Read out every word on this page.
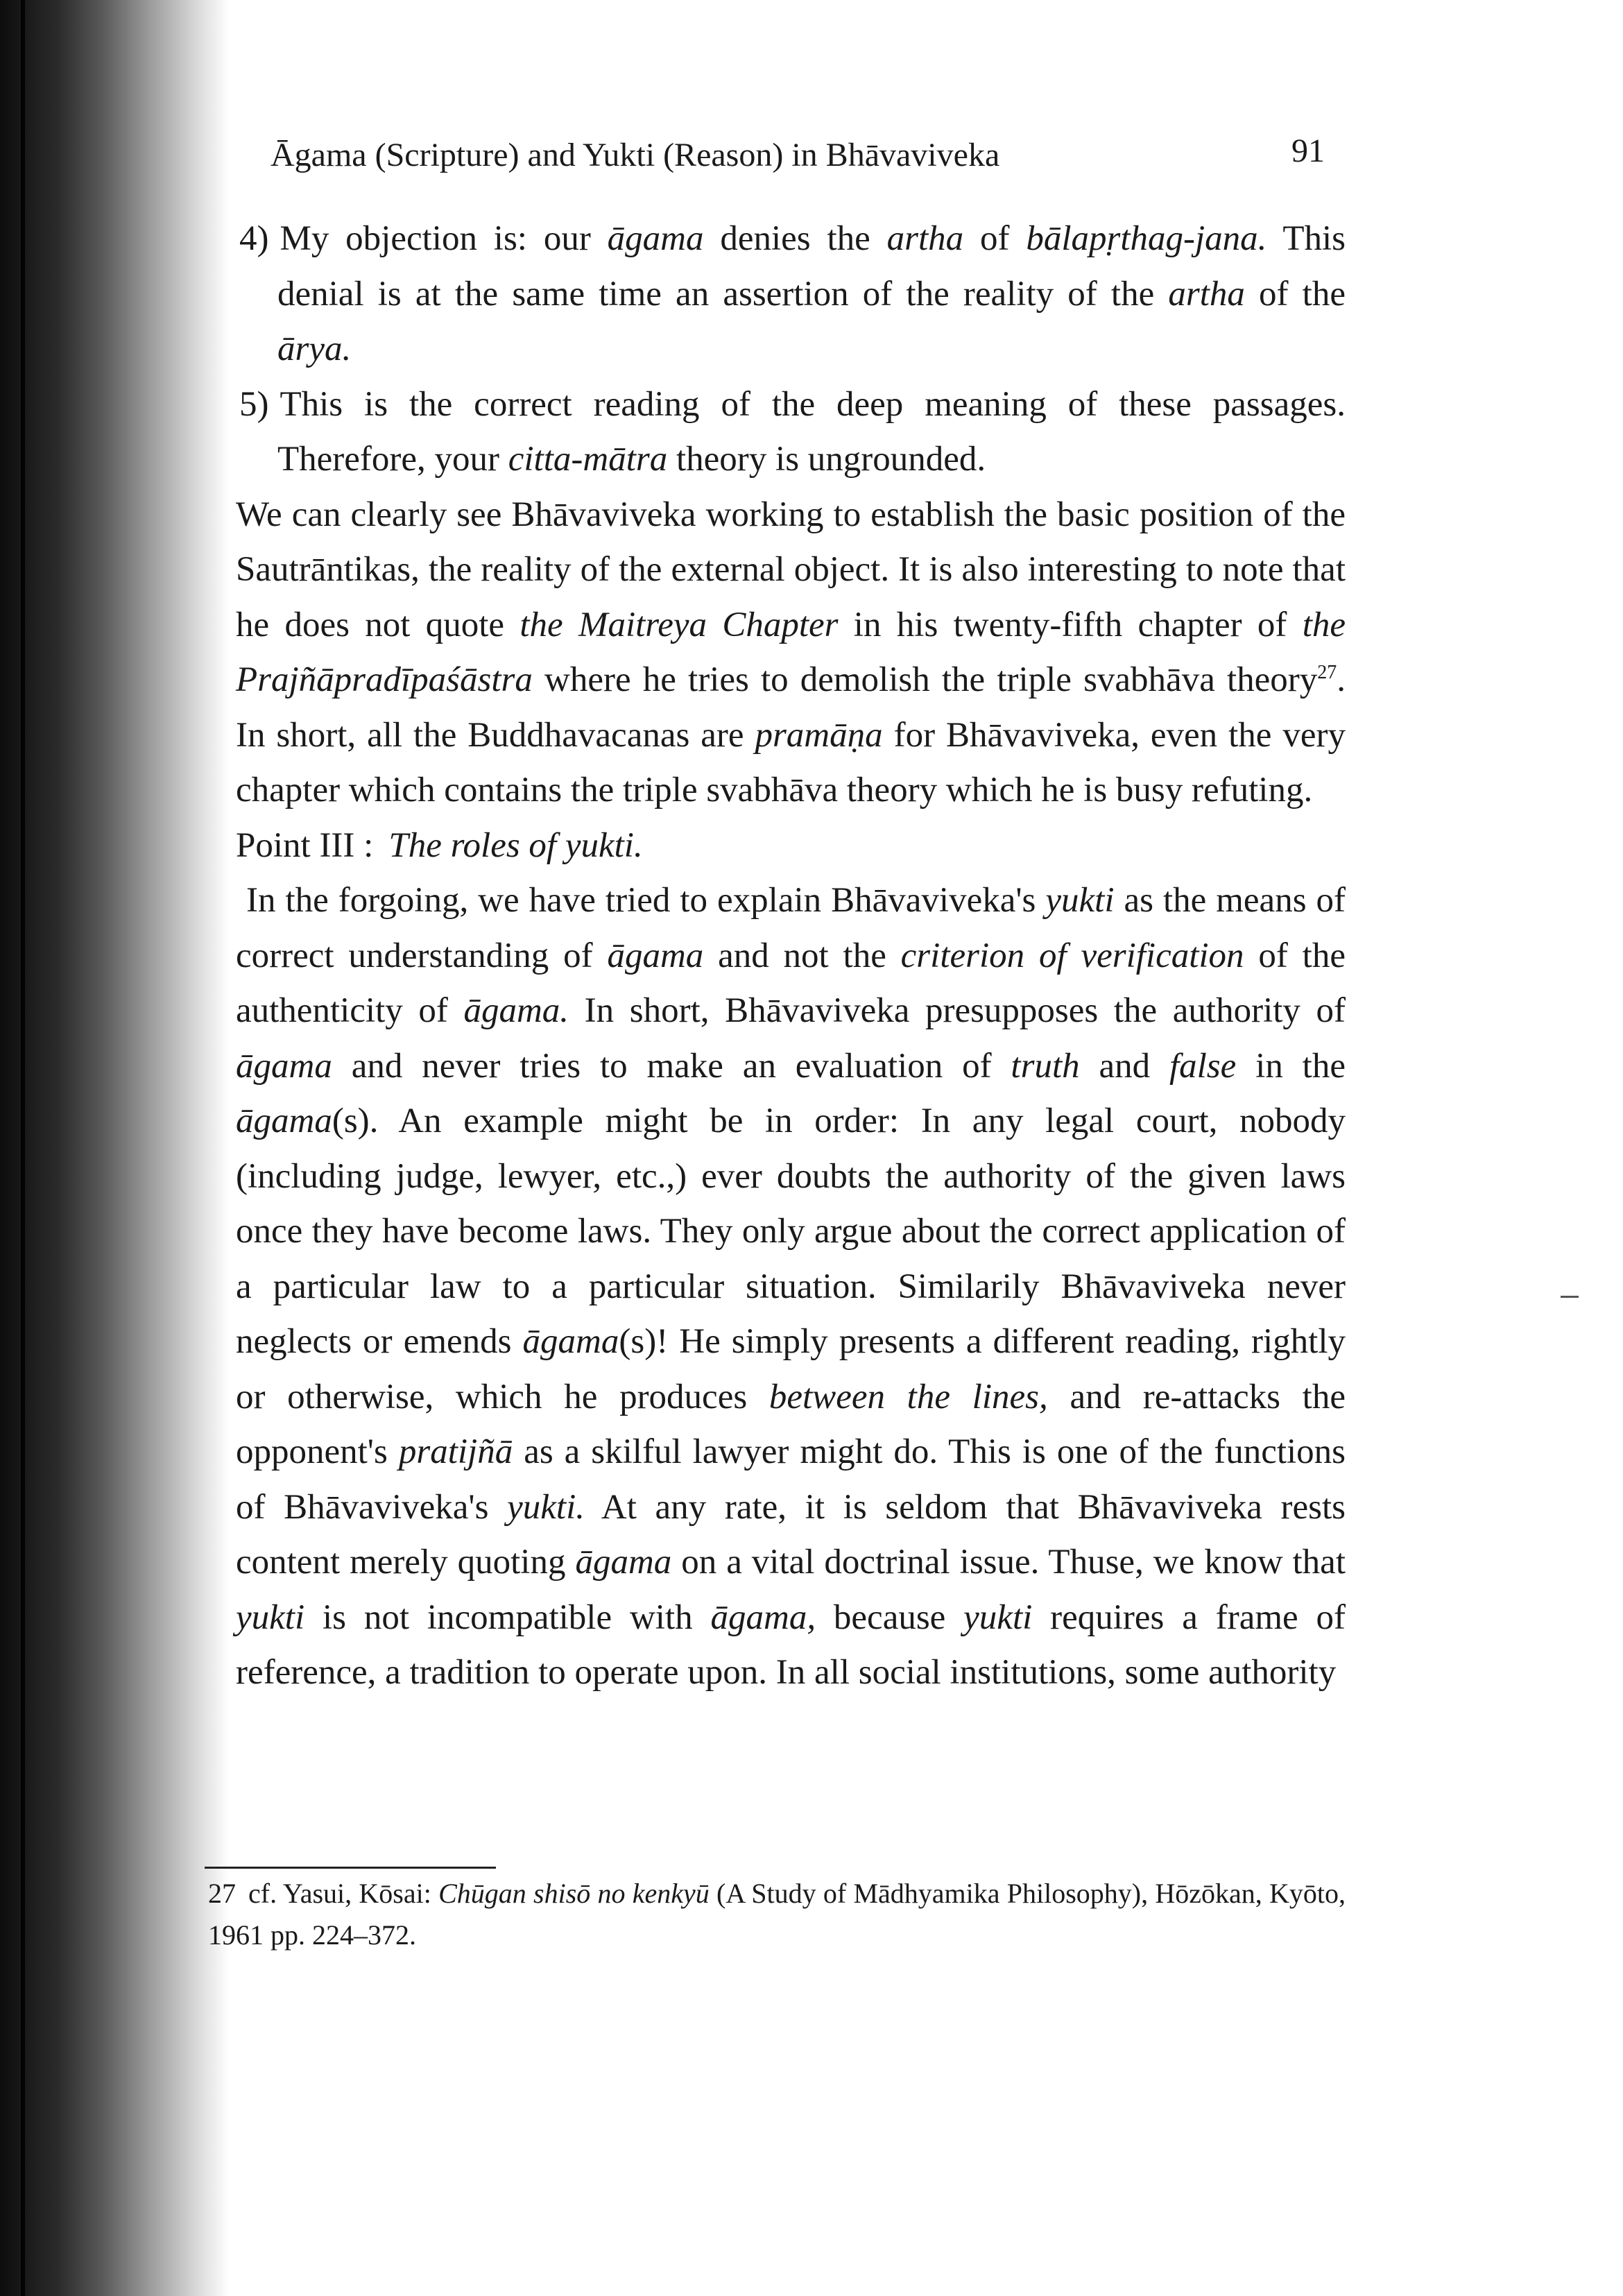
Āgama (Scripture) and Yukti (Reason) in Bhāvaviveka	91
4) My objection is: our āgama denies the artha of bālapṛthag-jana. This denial is at the same time an assertion of the reality of the artha of the ārya.
5) This is the correct reading of the deep meaning of these passages. Therefore, your citta-mātra theory is ungrounded.
We can clearly see Bhāvaviveka working to establish the basic position of the Sautrāntikas, the reality of the external object. It is also interesting to note that he does not quote the Maitreya Chapter in his twenty-fifth chapter of the Prajñāpradīpaśāstra where he tries to demolish the triple svabhāva theory$^{27}$. In short, all the Buddhavacanas are pramāṇa for Bhāvaviveka, even the very chapter which contains the triple svabhāva theory which he is busy refuting.
Point III : The roles of yukti.
In the forgoing, we have tried to explain Bhāvaviveka's yukti as the means of correct understanding of āgama and not the criterion of verification of the authenticity of āgama. In short, Bhāvaviveka presupposes the authority of āgama and never tries to make an evaluation of truth and false in the āgama(s). An example might be in order: In any legal court, nobody (including judge, lewyer, etc.,) ever doubts the authority of the given laws once they have become laws. They only argue about the correct application of a particular law to a particular situation. Similarily Bhāvaviveka never neglects or emends āgama(s)! He simply presents a different reading, rightly or otherwise, which he produces between the lines, and re-attacks the opponent's pratijñā as a skilful lawyer might do. This is one of the functions of Bhāvaviveka's yukti. At any rate, it is seldom that Bhāvaviveka rests content merely quoting āgama on a vital doctrinal issue. Thuse, we know that yukti is not incompatible with āgama, because yukti requires a frame of reference, a tradition to operate upon. In all social institutions, some authority
27 cf. Yasui, Kōsai: Chūgan shisō no kenkyū (A Study of Mādhyamika Philosophy), Hōzōkan, Kyōto, 1961 pp. 224–372.
